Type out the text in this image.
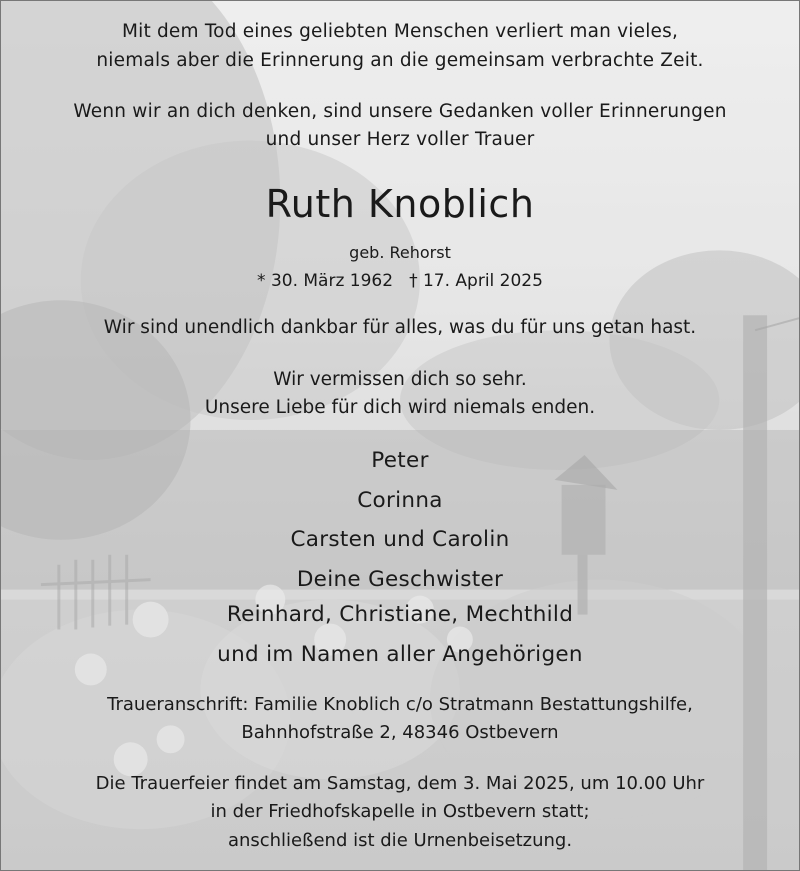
Mit dem Tod eines geliebten Menschen verliert man vieles,
niemals aber die Erinnerung an die gemeinsam verbrachte Zeit.
Wenn wir an dich denken, sind unsere Gedanken voller Erinnerungen
und unser Herz voller Trauer
Ruth Knoblich
geb. Rehorst
* 30. März 1962 † 17. April 2025
Wir sind unendlich dankbar für alles, was du für uns getan hast.
Wir vermissen dich so sehr.
Unsere Liebe für dich wird niemals enden.
Peter
Corinna
Carsten und Carolin
Deine Geschwister
Reinhard, Christiane, Mechthild
und im Namen aller Angehörigen
Traueranschrift: Familie Knoblich c/o Stratmann Bestattungshilfe,
Bahnhofstraße 2, 48346 Ostbevern
Die Trauerfeier findet am Samstag, dem 3. Mai 2025, um 10.00 Uhr
in der Friedhofskapelle in Ostbevern statt;
anschließend ist die Urnenbeisetzung.
